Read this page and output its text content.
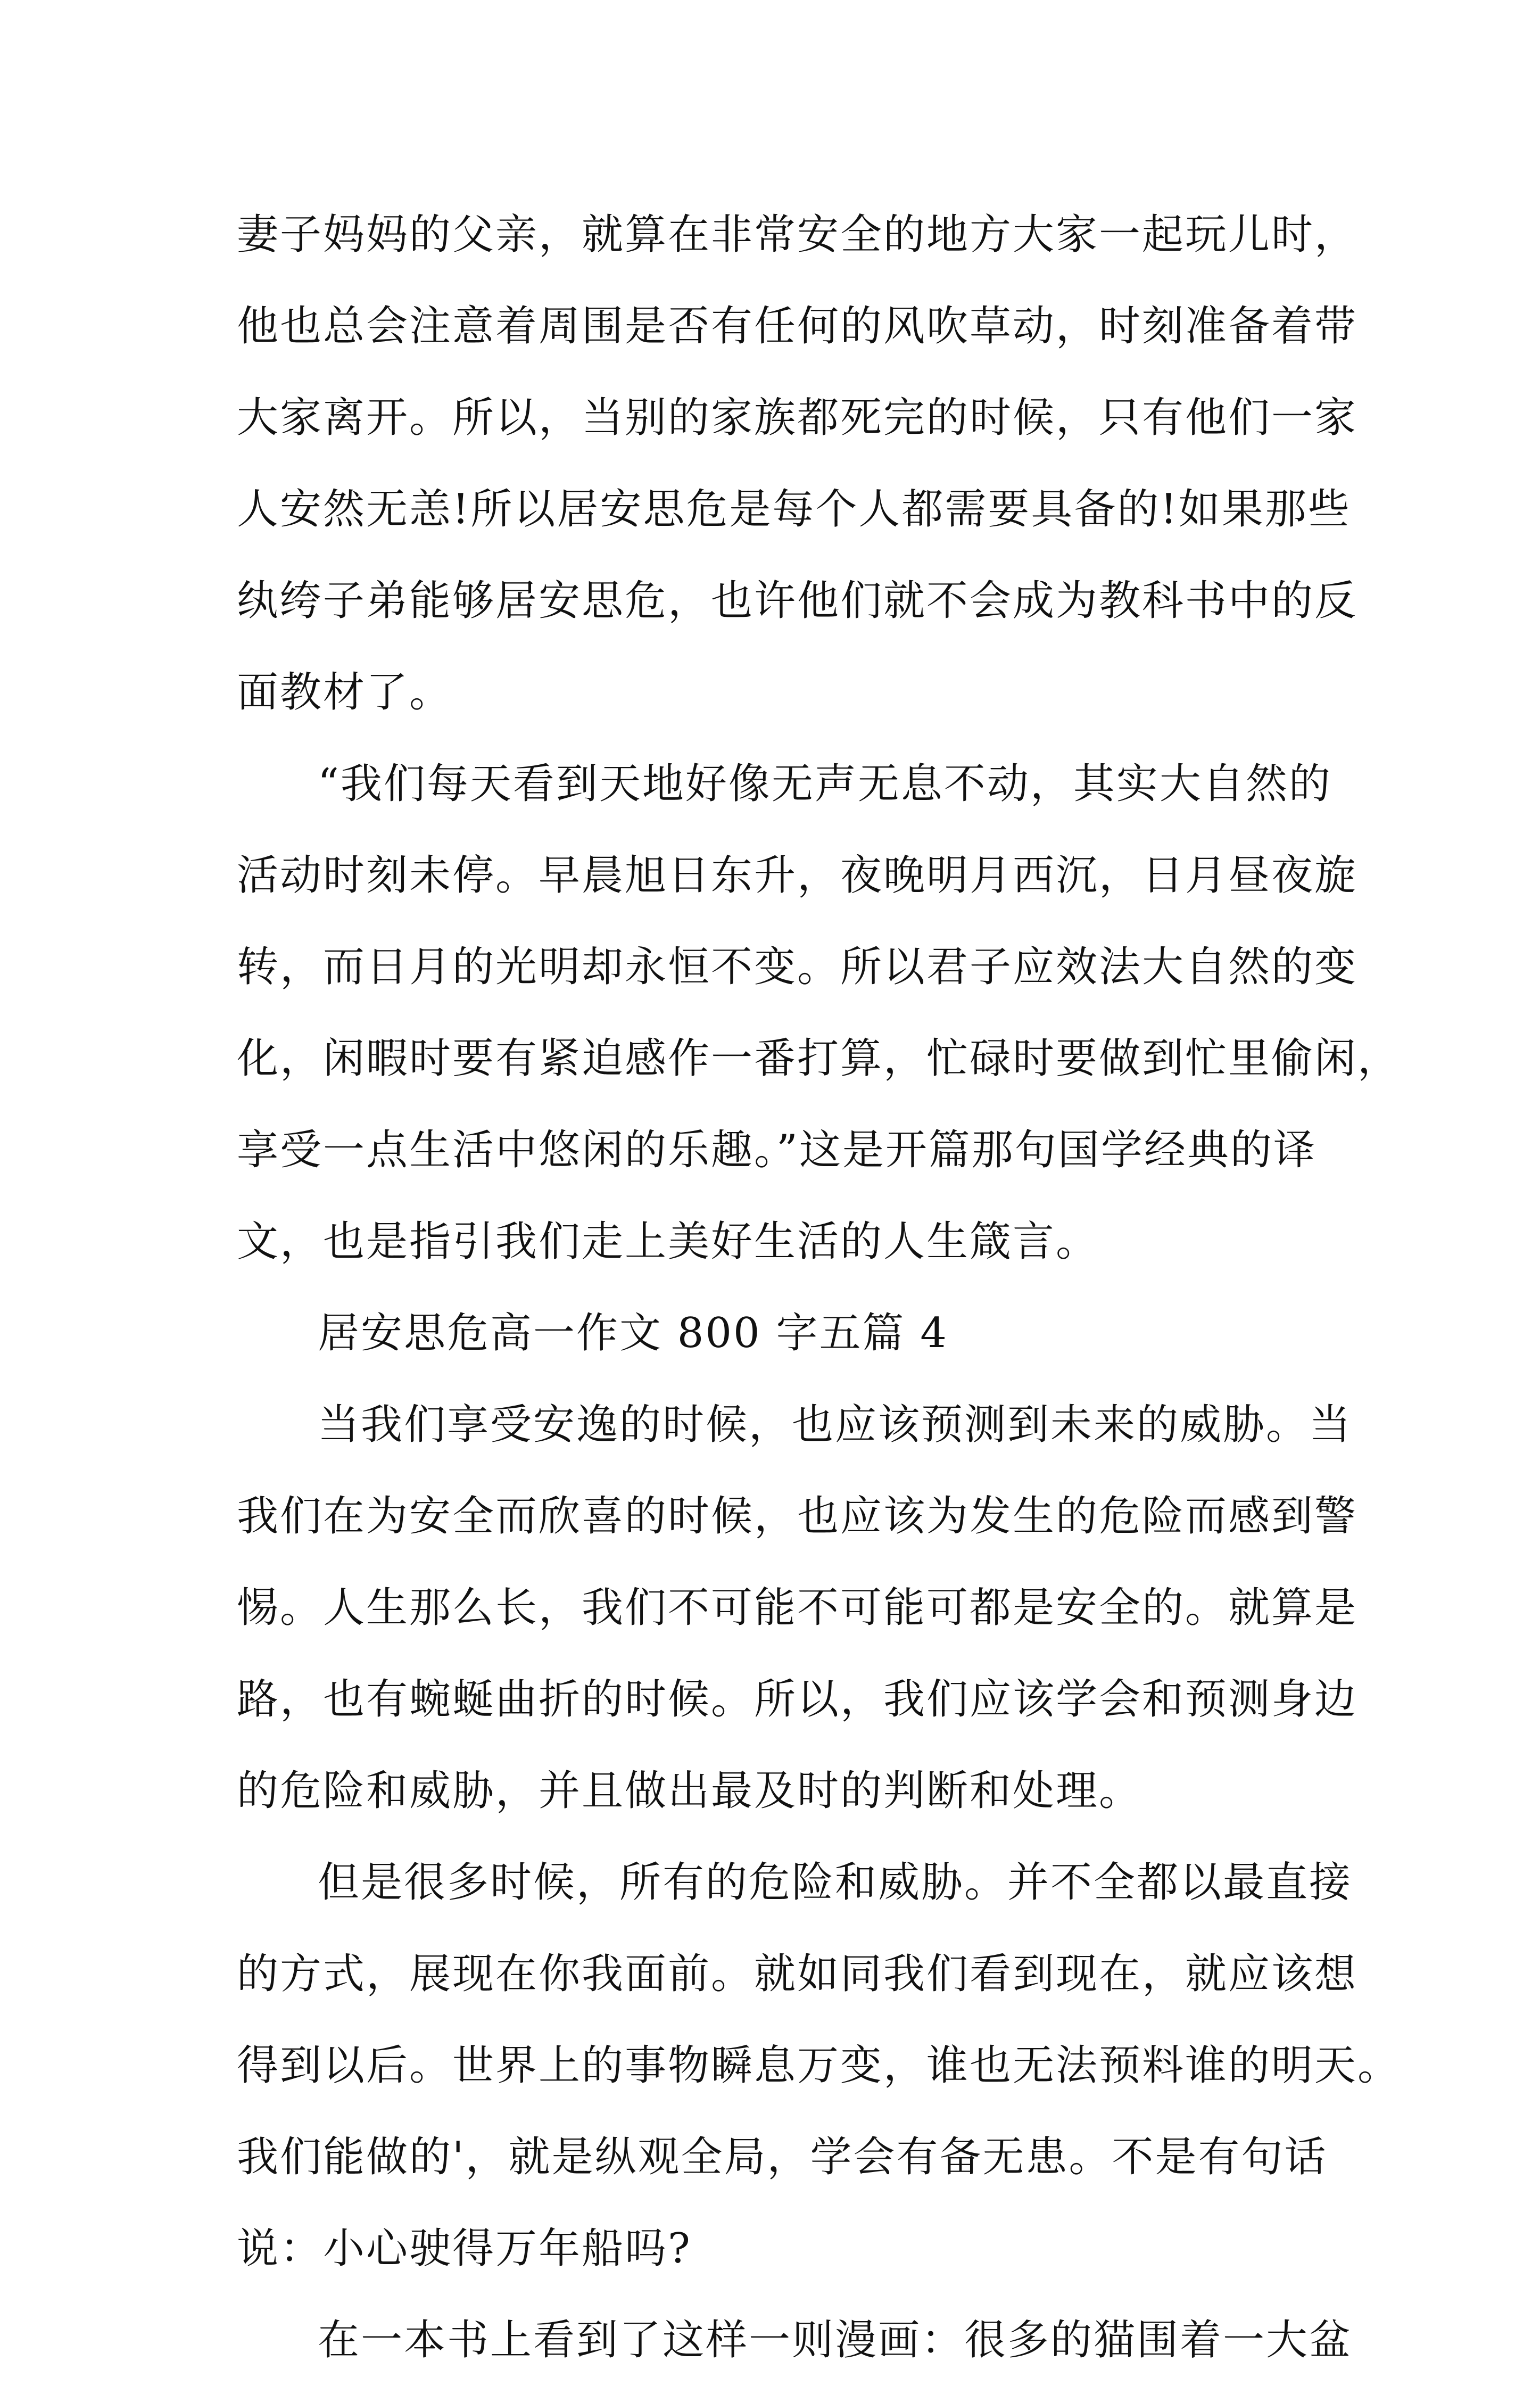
妻子妈妈的父亲，就算在非常安全的地方大家一起玩儿时，
他也总会注意着周围是否有任何的风吹草动，时刻准备着带
大家离开。所以，当别的家族都死完的时候，只有他们一家
人安然无恙!所以居安思危是每个人都需要具备的!如果那些
纨绔子弟能够居安思危，也许他们就不会成为教科书中的反
面教材了。
“我们每天看到天地好像无声无息不动，其实大自然的
活动时刻未停。早晨旭日东升，夜晚明月西沉，日月昼夜旋
转，而日月的光明却永恒不变。所以君子应效法大自然的变
化，闲暇时要有紧迫感作一番打算，忙碌时要做到忙里偷闲，
享受一点生活中悠闲的乐趣。”这是开篇那句国学经典的译
文，也是指引我们走上美好生活的人生箴言。
居安思危高一作文 800 字五篇 4
当我们享受安逸的时候，也应该预测到未来的威胁。当
我们在为安全而欣喜的时候，也应该为发生的危险而感到警
惕。人生那么长，我们不可能不可能可都是安全的。就算是
路，也有蜿蜒曲折的时候。所以，我们应该学会和预测身边
的危险和威胁，并且做出最及时的判断和处理。
但是很多时候，所有的危险和威胁。并不全都以最直接
的方式，展现在你我面前。就如同我们看到现在，就应该想
得到以后。世界上的事物瞬息万变，谁也无法预料谁的明天。
我们能做的'，就是纵观全局，学会有备无患。不是有句话
说：小心驶得万年船吗?
在一本书上看到了这样一则漫画：很多的猫围着一大盆
